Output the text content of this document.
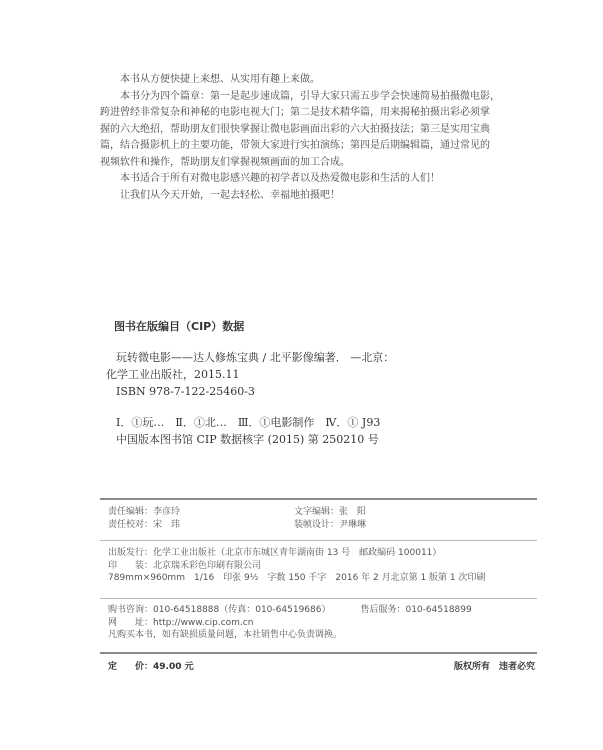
本书从方便快捷上来想、从实用有趣上来做。

本书分为四个篇章：第一是起步速成篇，引导大家只需五步学会快速简易拍摄微电影，

跨进曾经非常复杂和神秘的电影电视大门；第二是技术精华篇，用来揭秘拍摄出彩必须掌

握的六大绝招，帮助朋友们很快掌握让微电影画面出彩的六大拍摄技法；第三是实用宝典

篇，结合摄影机上的主要功能，带领大家进行实拍演练；第四是后期编辑篇，通过常见的

视频软件和操作，帮助朋友们掌握视频画面的加工合成。

本书适合于所有对微电影感兴趣的初学者以及热爱微电影和生活的人们！

让我们从今天开始，一起去轻松、幸福地拍摄吧！

图书在版编目（CIP）数据
玩转微电影——达人修炼宝典 / 北平影像编著． —北京：
化学工业出版社，2015.11
ISBN 978-7-122-25460-3
Ⅰ．①玩…　Ⅱ．①北…　Ⅲ．①电影制作　Ⅳ．① J93
中国版本图书馆 CIP 数据核字 (2015) 第 250210 号
责任编辑：李彦玲
责任校对：宋　玮
文字编辑：张　阳
装帧设计：尹琳琳
出版发行：化学工业出版社（北京市东城区青年湖南街 13 号　邮政编码 100011）
印　　装：北京瑞禾彩色印刷有限公司
789mm×960mm　1/16　印张 9½　字数 150 千字　2016 年 2 月北京第 1 版第 1 次印刷
购书咨询：010-64518888（传真：010-64519686）	售后服务：010-64518899
网　　址：http://www.cip.com.cn
凡购买本书，如有缺损质量问题，本社销售中心负责调换。
定　　价：49.00 元	版权所有　违者必究
